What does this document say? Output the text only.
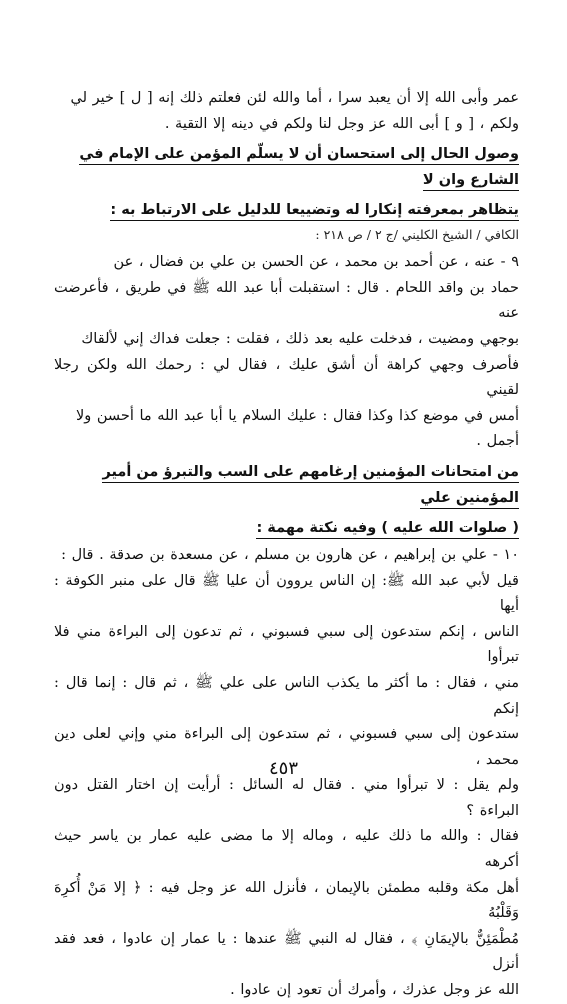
عمر وأبى الله إلا أن يعبد سرا ، أما والله لئن فعلتم ذلك إنه [ ل ] خير لي

ولكم ، [ و ] أبى الله عز وجل لنا ولكم في دينه إلا التقية .

وصول الحال إلى استحسان أن لا يسلّم المؤمن على الإمام في الشارع وان لا

يتظاهر بمعرفته إنكارا له وتضييعا للدليل على الارتباط به :

الكافي / الشيخ الكليني /ج ٢ / ص ٢١٨ :

٩ - عنه ، عن أحمد بن محمد ، عن الحسن بن علي بن فضال ، عن

حماد بن واقد اللحام . قال : استقبلت أبا عبد الله ﷺ في طريق ، فأعرضت عنه

بوجهي ومضيت ، فدخلت عليه بعد ذلك ، فقلت : جعلت فداك إني لألقاك

فأصرف وجهي كراهة أن أشق عليك ، فقال لي : رحمك الله ولكن رجلا لقيني

أمس في موضع كذا وكذا فقال : عليك السلام يا أبا عبد الله ما أحسن ولا

أجمل .

من امتحانات المؤمنين إرغامهم على السب والتبرؤ من أمير المؤمنين علي

( صلوات الله عليه ) وفيه نكتة مهمة :

١٠ - علي بن إبراهيم ، عن هارون بن مسلم ، عن مسعدة بن صدقة . قال :

قيل لأبي عبد الله ﷺ: إن الناس يروون أن عليا ﷺ قال على منبر الكوفة : أيها

الناس ، إنكم ستدعون إلى سبي فسبوني ، ثم تدعون إلى البراءة مني فلا تبرأوا

مني ، فقال : ما أكثر ما يكذب الناس على علي ﷺ ، ثم قال : إنما قال : إنكم

ستدعون إلى سبي فسبوني ، ثم ستدعون إلى البراءة مني وإني لعلى دين محمد ،

ولم يقل : لا تبرأوا مني . فقال له السائل : أرأيت إن اختار القتل دون البراءة ؟

فقال : والله ما ذلك عليه ، وماله إلا ما مضى عليه عمار بن ياسر حيث أكرهه

أهل مكة وقلبه مطمئن بالإيمان ، فأنزل الله عز وجل فيه : ﴿ إلا مَنْ أُكرِهَ وَقَلْبُهُ

مُطْمَئِنٌّ بالإيمَانِ ﴾ ، فقال له النبي ﷺ عندها : يا عمار إن عادوا ، فعد فقد أنزل

الله عز وجل عذرك ، وأمرك أن تعود إن عادوا .

٤٥٣
